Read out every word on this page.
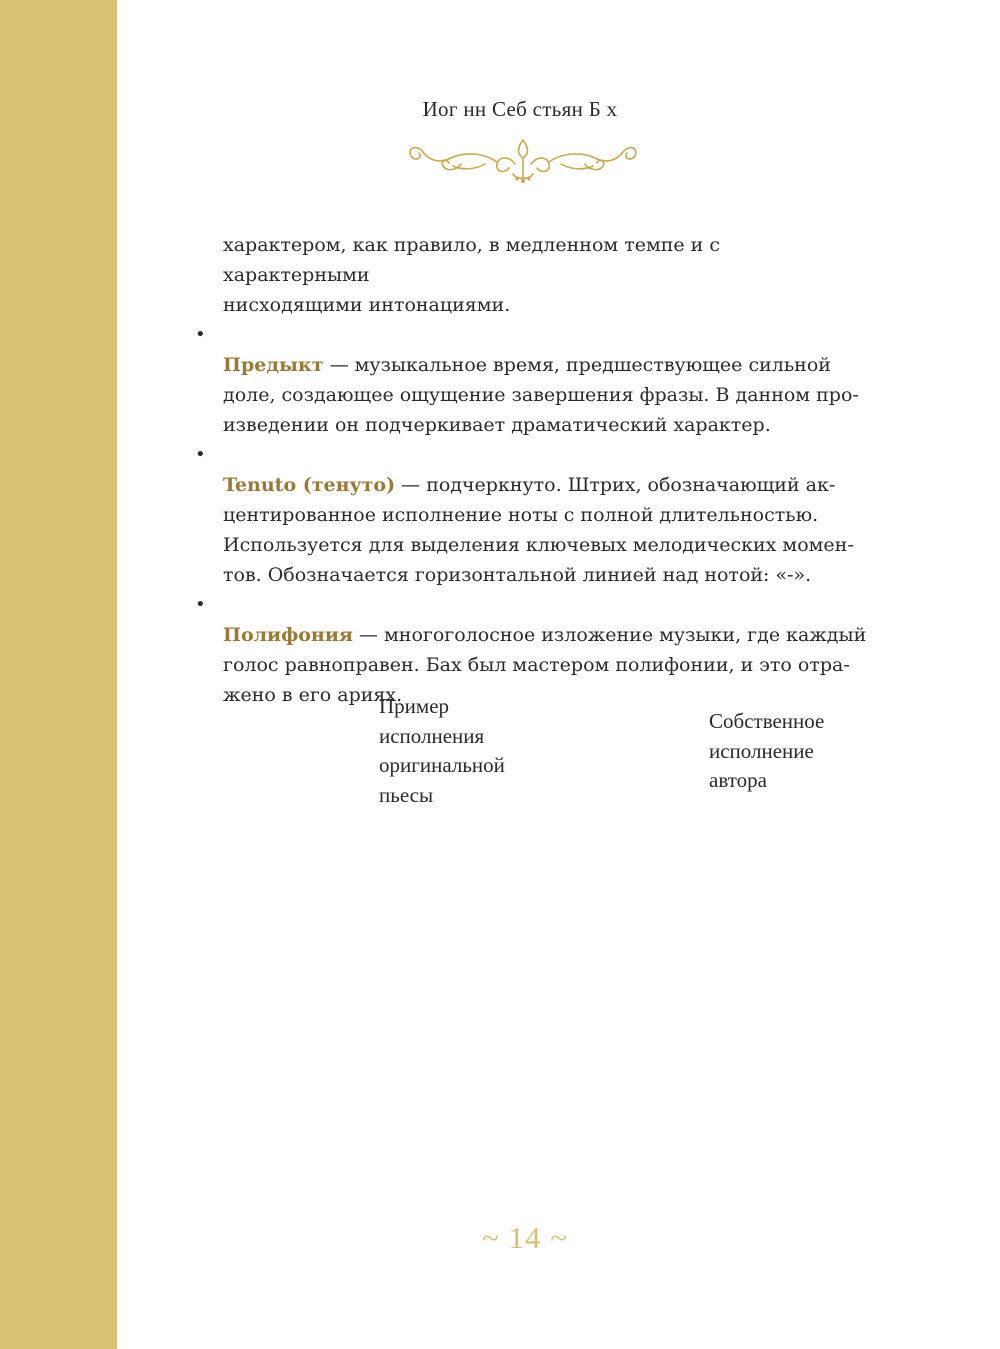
Иог нн Себ стьян Б х
характером, как правило, в медленном темпе и с характерными
нисходящими интонациями.

•
Предыкт — музыкальное время, предшествующее сильной
доле, создающее ощущение завершения фразы. В данном про-
изведении он подчеркивает драматический характер.

•
Tenuto (тенуто) — подчеркнуто. Штрих, обозначающий ак-
центированное исполнение ноты с полной длительностью.
Используется для выделения ключевых мелодических момен-
тов. Обозначается горизонтальной линией над нотой: «-».

•
Полифония — многоголосное изложение музыки, где каждый
голос равноправен. Бах был мастером полифонии, и это отра-
жено в его ариях.

Пример
исполнения
оригинальной
пьесы
Собственное
исполнение
автора
~ 14 ~
